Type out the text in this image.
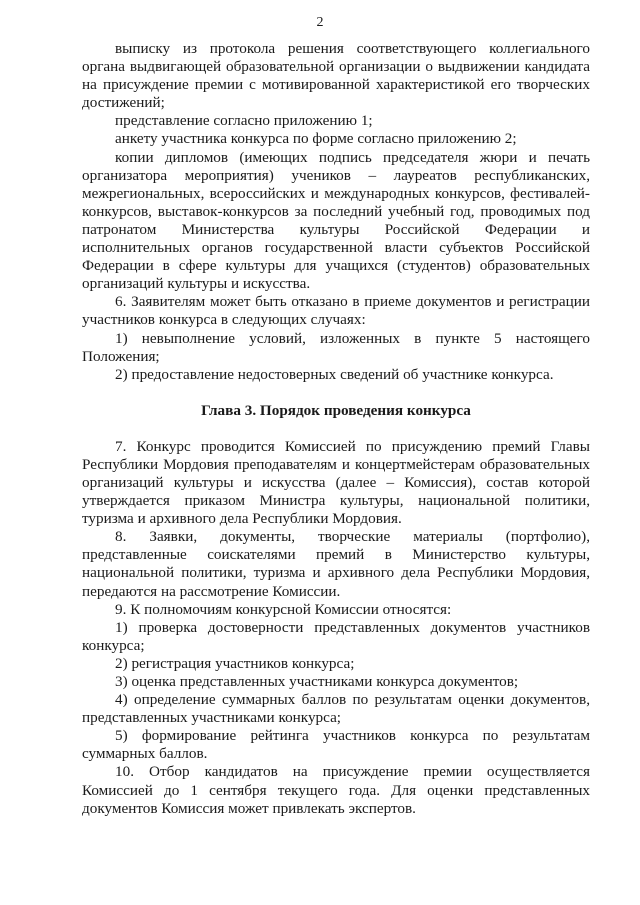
2

выписку из протокола решения соответствующего коллегиального органа выдвигающей образовательной организации о выдвижении кандидата на присуждение премии с мотивированной характеристикой его творческих достижений;

представление согласно приложению 1;

анкету участника конкурса по форме согласно приложению 2;

копии дипломов (имеющих подпись председателя жюри и печать организатора мероприятия) учеников – лауреатов республиканских, межрегиональных, всероссийских и международных конкурсов, фестивалей-конкурсов, выставок-конкурсов за последний учебный год, проводимых под патронатом Министерства культуры Российской Федерации и исполнительных органов государственной власти субъектов Российской Федерации в сфере культуры для учащихся (студентов) образовательных организаций культуры и искусства.

6. Заявителям может быть отказано в приеме документов и регистрации участников конкурса в следующих случаях:

1) невыполнение условий, изложенных в пункте 5 настоящего Положения;

2) предоставление недостоверных сведений об участнике конкурса.

Глава 3. Порядок проведения конкурса

7. Конкурс проводится Комиссией по присуждению премий Главы Республики Мордовия преподавателям и концертмейстерам образовательных организаций культуры и искусства (далее – Комиссия), состав которой утверждается приказом Министра культуры, национальной политики, туризма и архивного дела Республики Мордовия.

8. Заявки, документы, творческие материалы (портфолио), представленные соискателями премий в Министерство культуры, национальной политики, туризма и архивного дела Республики Мордовия, передаются на рассмотрение Комиссии.

9. К полномочиям конкурсной Комиссии относятся:

1) проверка достоверности представленных документов участников конкурса;

2) регистрация участников конкурса;

3) оценка представленных участниками конкурса документов;

4) определение суммарных баллов по результатам оценки документов, представленных участниками конкурса;

5) формирование рейтинга участников конкурса по результатам суммарных баллов.

10. Отбор кандидатов на присуждение премии осуществляется Комиссией до 1 сентября текущего года. Для оценки представленных документов Комиссия может привлекать экспертов.
